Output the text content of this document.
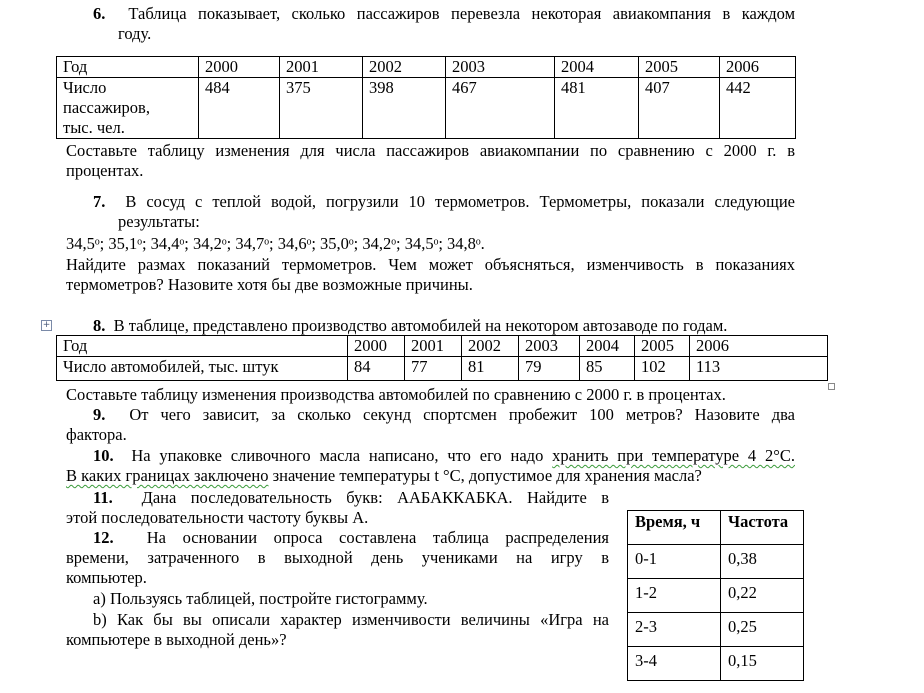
6. Таблица показывает, сколько пассажиров перевезла некоторая авиакомпания в каждом
году.
Год	2000	2001	2002	2003	2004	2005	2006

Число
пассажиров,
тыс. чел.	484	375	398	467	481	407	442
Составьте таблицу изменения для числа пассажиров авиакомпании по сравнению с 2000 г. в
процентах.
7. В сосуд с теплой водой, погрузили 10 термометров. Термометры, показали следующие
результаты:
34,5ᵒ; 35,1ᵒ; 34,4ᵒ; 34,2ᵒ; 34,7ᵒ; 34,6ᵒ; 35,0ᵒ; 34,2ᵒ; 34,5ᵒ; 34,8ᵒ.
Найдите размах показаний термометров. Чем может объясняться, изменчивость в показаниях
термометров? Назовите хотя бы две возможные причины.
+	8. В таблице, представлено производство автомобилей на некотором автозаводе по годам.
Год	2000	2001	2002	2003	2004	2005	2006
Число автомобилей, тыс. штук	84	77	81	79	85	102	113
Составьте таблицу изменения производства автомобилей по сравнению с 2000 г. в процентах.
9. От чего зависит, за сколько секунд спортсмен пробежит 100 метров? Назовите два
фактора.
10. На упаковке сливочного масла написано, что его надо хранить при температуре 4 2°С.
В каких границах заключено значение температуры t °С, допустимое для хранения масла?
11. Дана последовательность букв: ААБАККАБКА. Найдите в
этой последовательности частоту буквы А.
12. На основании опроса составлена таблица распределения
времени, затраченного в выходной день учениками на игру в
компьютер.
a) Пользуясь таблицей, постройте гистограмму.
b) Как бы вы описали характер изменчивости величины «Игра на
компьютере в выходной день»?
Время, ч	Частота
0-1	0,38
1-2	0,22
2-3	0,25
3-4	0,15
